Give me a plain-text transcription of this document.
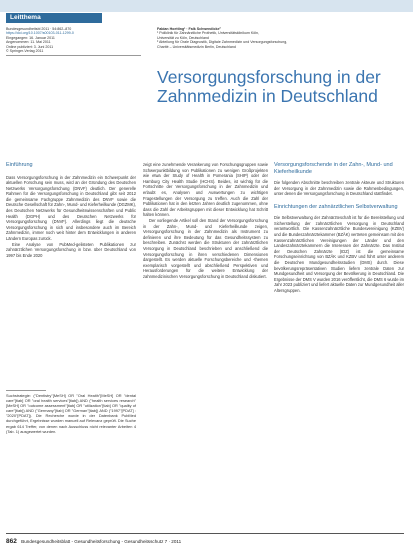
Leitthema
Bundesgesundheitsbl 2011 · 54:862–870
https://doi.org/10.1007/s00103-011-1299-0
Eingegangen: 16. Januar 2011
Angenommen: 11. Mai 2011
Online publiziert: 3. Juni 2011
© Springer-Verlag 2011
Fabian Hoetting¹ · Falk Schwendicke²
¹ Poliklinik für Zahnärztliche Prothetik, Universitätsklinikum Köln,
Universität zu Köln, Deutschland
² Abteilung für Orale Diagnostik, Digitale Zahnmedizin und Versorgungsforschung,
Charité – Universitätsmedizin Berlin, Deutschland
Versorgungsforschung in der Zahnmedizin in Deutschland
Einführung

Dass Versorgungsforschung in der Zahnmedizin ein Schwerpunkt der aktuellen Forschung sein muss, wird an der Gründung des Deutschen Netzwerks Versorgungsforschung (DNVF) deutlich. Der generelle Rahmen für die Versorgungsforschung in Deutschland gibt seit 2012 die gemeinsame Fachgruppe Zahnmedizin des DNVF sowie die Deutsche Gesellschaft für Zahn-, Mund- und Kieferheilkunde (DGZMK), des Deutschen Netzwerks für Gesundheitswissenschaften und Public Health (DGPH) und des Deutschen Netzwerks für Versorgungsforschung (DNVF). Allerdings liegt die deutsche Versorgungsforschung in sich und insbesondere auch im Bereich Zahnmedizin, immer noch weit hinter dem Entwicklungen in anderen Ländern Europas zurück.

Eine Analyse von PubMed-gelisteten Publikationen zur zahnärztlichen Versorgungsforschung in bzw. über Deutschland von 1997 bis Ende 2020

Suchstrategie: ("Dentistry"[MeSH] OR "Oral Health"[MeSH] OR "dental care"[tiab] OR "oral health services"[tiab]) AND ("health services research"[MeSH] OR "outcome assessment"[tiab] OR "utilization"[tiab] OR "quality of care"[tiab]) AND ("Germany"[tiab] OR "German"[tiab]) AND ("1997"[PDAT] : "2020"[PDAT]). Die Recherche wurde in der Datenbank PubMed durchgeführt, Ergebnisse wurden manuell auf Relevanz geprüft. Die Suche ergab 614 Treffer, von denen nach Ausschluss nicht relevanter Arbeiten 4 (Tab. 1) ausgewertet wurden.

zeigt eine zunehmende Verankerung von Forschungsgruppen sowie Schwerpunktbildung von Publikationen zu wenigen Großprojekten wie etwa der Study of Health in Pomerania (SHIP) oder der Hamburg City Health Studie (HCHS). Beides, ist wichtig für die Fortschritte der Versorgungsforschung in der Zahnmedizin und erlaubt es, Analysen und Auswertungen zu wichtigen Fragestellungen der Versorgung zu treffen. Auch die Zahl der Publikationen hat in den letzten Jahren deutlich zugenommen, ohne dass die Zahl der Arbeitsgruppen mit dieser Entwicklung hat Schritt halten können.

Der vorliegende Artikel soll den Stand der Versorgungsforschung in der Zahn-, Mund- und Kieferheilkunde zeigen, Versorgungsforschung in der Zahnmedizin als Instrument zu definieren und ihre Bedeutung für das Gesundheitssystem zu beschreiben. Zunächst werden die Strukturen der zahnärztlichen Versorgung in Deutschland beschrieben und anschließend die Versorgungsforschung in ihren verschiedenen Dimensionen dargestellt. Es werden aktuelle Forschungsbereiche und -themen exemplarisch vorgestellt und abschließend Perspektiven und Herausforderungen für die weitere Entwicklung der zahnmedizinischen Versorgungsforschung in Deutschland diskutiert.

Versorgungsforschende in der Zahn-, Mund- und Kieferheilkunde
Die folgenden Abschnitte beschreiben zentrale Akteure und Strukturen der Versorgung in der Zahnmedizin sowie die Rahmenbedingungen, unter denen die Versorgungsforschung in Deutschland stattfindet.
Einrichtungen der zahnärztlichen Selbstverwaltung
Die Selbstverwaltung der Zahnärzteschaft ist für die Bereitstellung und Sicherstellung der zahnärztlichen Versorgung in Deutschland verantwortlich. Die Kassenzahnärztliche Bundesvereinigung (KZBV) und die Bundeszahnärztekammer (BZÄK) vertreten gemeinsam mit den Kassenzahnärztlichen Vereinigungen der Länder und den Landeszahnärztekammern die Interessen der Zahnärzte. Das Institut der Deutschen Zahnärzte (IDZ) ist die gemeinsame Forschungseinrichtung von BZÄK und KZBV und führt unter anderem die Deutschen Mundgesundheitsstudien (DMS) durch. Diese bevölkerungsrepräsentativen Studien liefern zentrale Daten zur Mundgesundheit und Versorgung der Bevölkerung in Deutschland. Die Ergebnisse der DMS V wurden 2016 veröffentlicht, die DMS 6 wurde im Jahr 2023 publiziert und liefert aktuelle Daten zur Mundgesundheit aller Altersgruppen.
862 Bundesgesundheitsblatt - Gesundheitsforschung - Gesundheitsschutz 7 · 2011
